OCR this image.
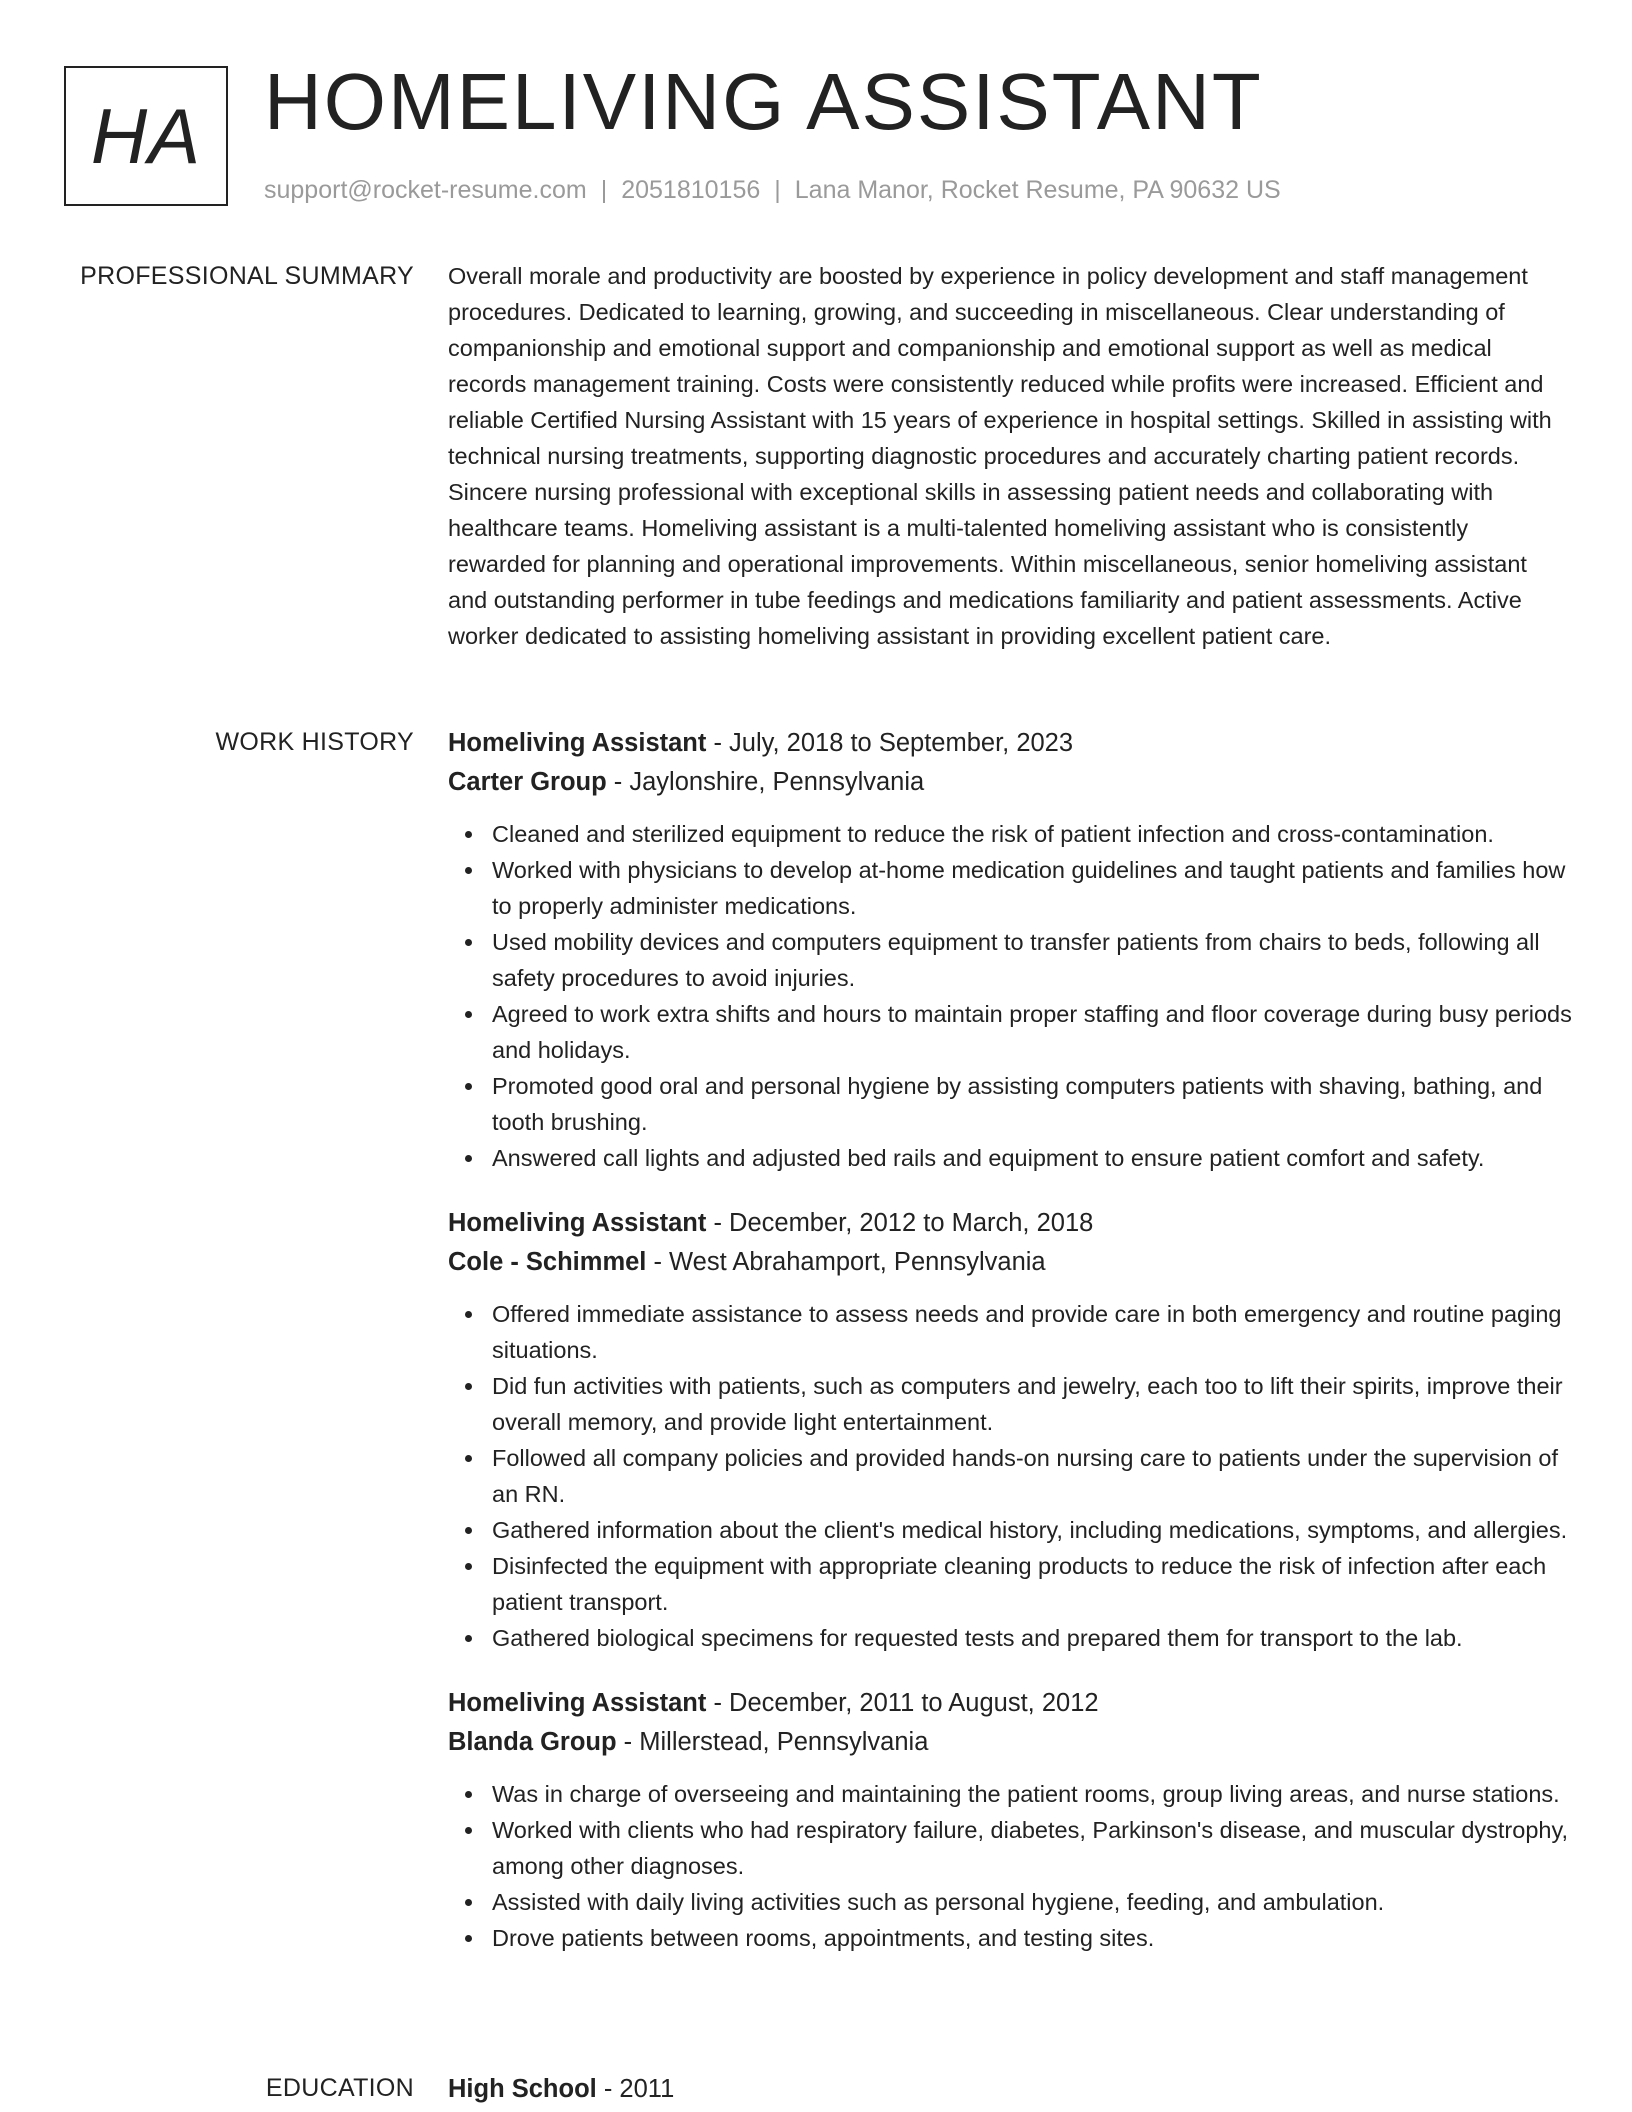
HA HOMELIVING ASSISTANT
support@rocket-resume.com | 2051810156 | Lana Manor, Rocket Resume, PA 90632 US
PROFESSIONAL SUMMARY Overall morale and productivity are boosted by experience in policy development and staff management procedures. Dedicated to learning, growing, and succeeding in miscellaneous. Clear understanding of companionship and emotional support and companionship and emotional support as well as medical records management training. Costs were consistently reduced while profits were increased. Efficient and reliable Certified Nursing Assistant with 15 years of experience in hospital settings. Skilled in assisting with technical nursing treatments, supporting diagnostic procedures and accurately charting patient records. Sincere nursing professional with exceptional skills in assessing patient needs and collaborating with healthcare teams. Homeliving assistant is a multi-talented homeliving assistant who is consistently rewarded for planning and operational improvements. Within miscellaneous, senior homeliving assistant and outstanding performer in tube feedings and medications familiarity and patient assessments. Active worker dedicated to assisting homeliving assistant in providing excellent patient care.

WORK HISTORY Homeliving Assistant - July, 2018 to September, 2023
Carter Group - Jaylonshire, Pennsylvania
Cleaned and sterilized equipment to reduce the risk of patient infection and cross-contamination.
Worked with physicians to develop at-home medication guidelines and taught patients and families how to properly administer medications.
Used mobility devices and computers equipment to transfer patients from chairs to beds, following all safety procedures to avoid injuries.
Agreed to work extra shifts and hours to maintain proper staffing and floor coverage during busy periods and holidays.
Promoted good oral and personal hygiene by assisting computers patients with shaving, bathing, and tooth brushing.
Answered call lights and adjusted bed rails and equipment to ensure patient comfort and safety.
Homeliving Assistant - December, 2012 to March, 2018
Cole - Schimmel - West Abrahamport, Pennsylvania
Offered immediate assistance to assess needs and provide care in both emergency and routine paging situations.
Did fun activities with patients, such as computers and jewelry, each too to lift their spirits, improve their overall memory, and provide light entertainment.
Followed all company policies and provided hands-on nursing care to patients under the supervision of an RN.
Gathered information about the client's medical history, including medications, symptoms, and allergies.
Disinfected the equipment with appropriate cleaning products to reduce the risk of infection after each patient transport.
Gathered biological specimens for requested tests and prepared them for transport to the lab.
Homeliving Assistant - December, 2011 to August, 2012
Blanda Group - Millerstead, Pennsylvania
Was in charge of overseeing and maintaining the patient rooms, group living areas, and nurse stations.
Worked with clients who had respiratory failure, diabetes, Parkinson's disease, and muscular dystrophy, among other diagnoses.
Assisted with daily living activities such as personal hygiene, feeding, and ambulation.
Drove patients between rooms, appointments, and testing sites.
EDUCATION High School - 2011
